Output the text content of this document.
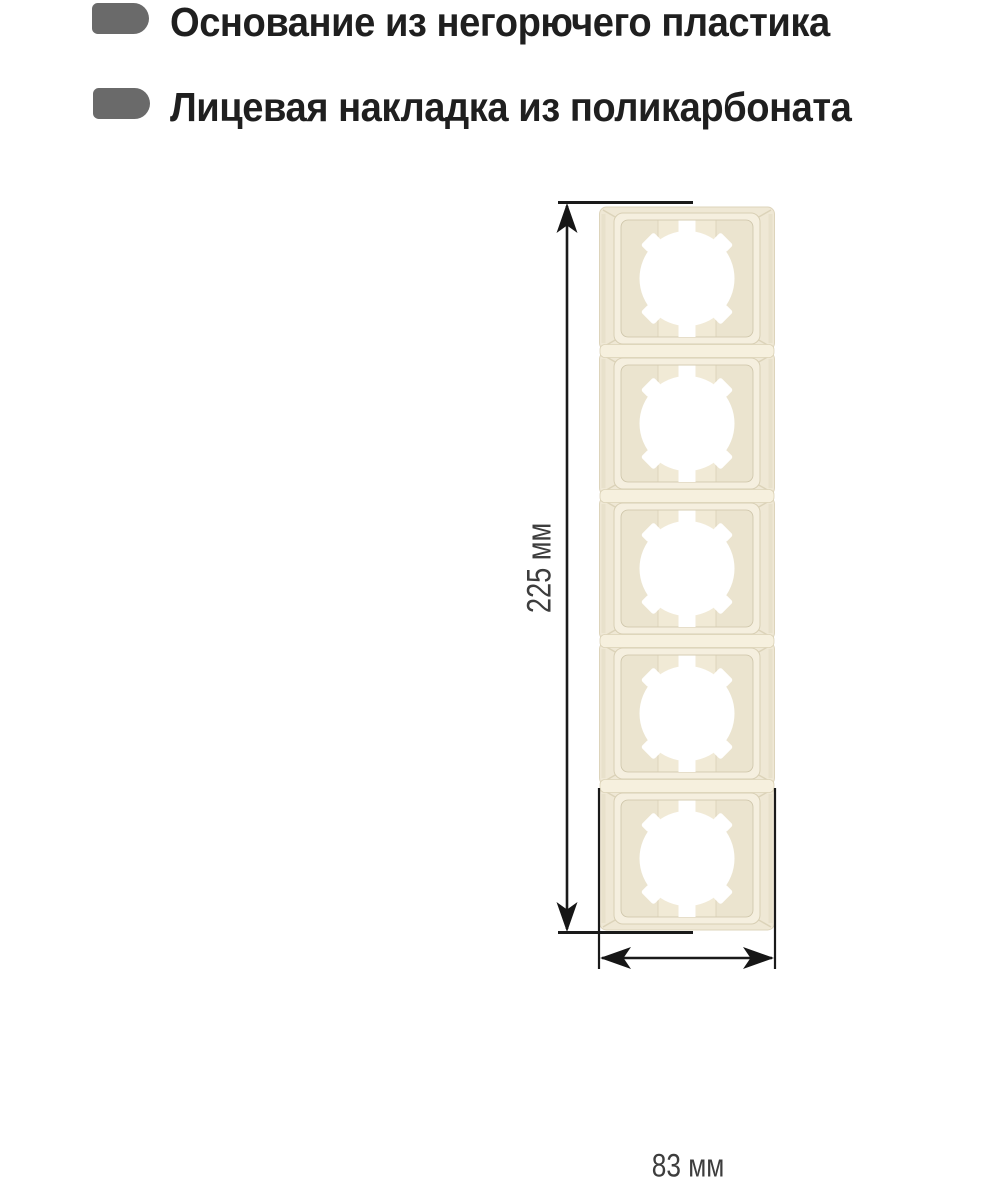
Основание из негорючего пластика
Лицевая накладка из поликарбоната
225 мм
83 мм
